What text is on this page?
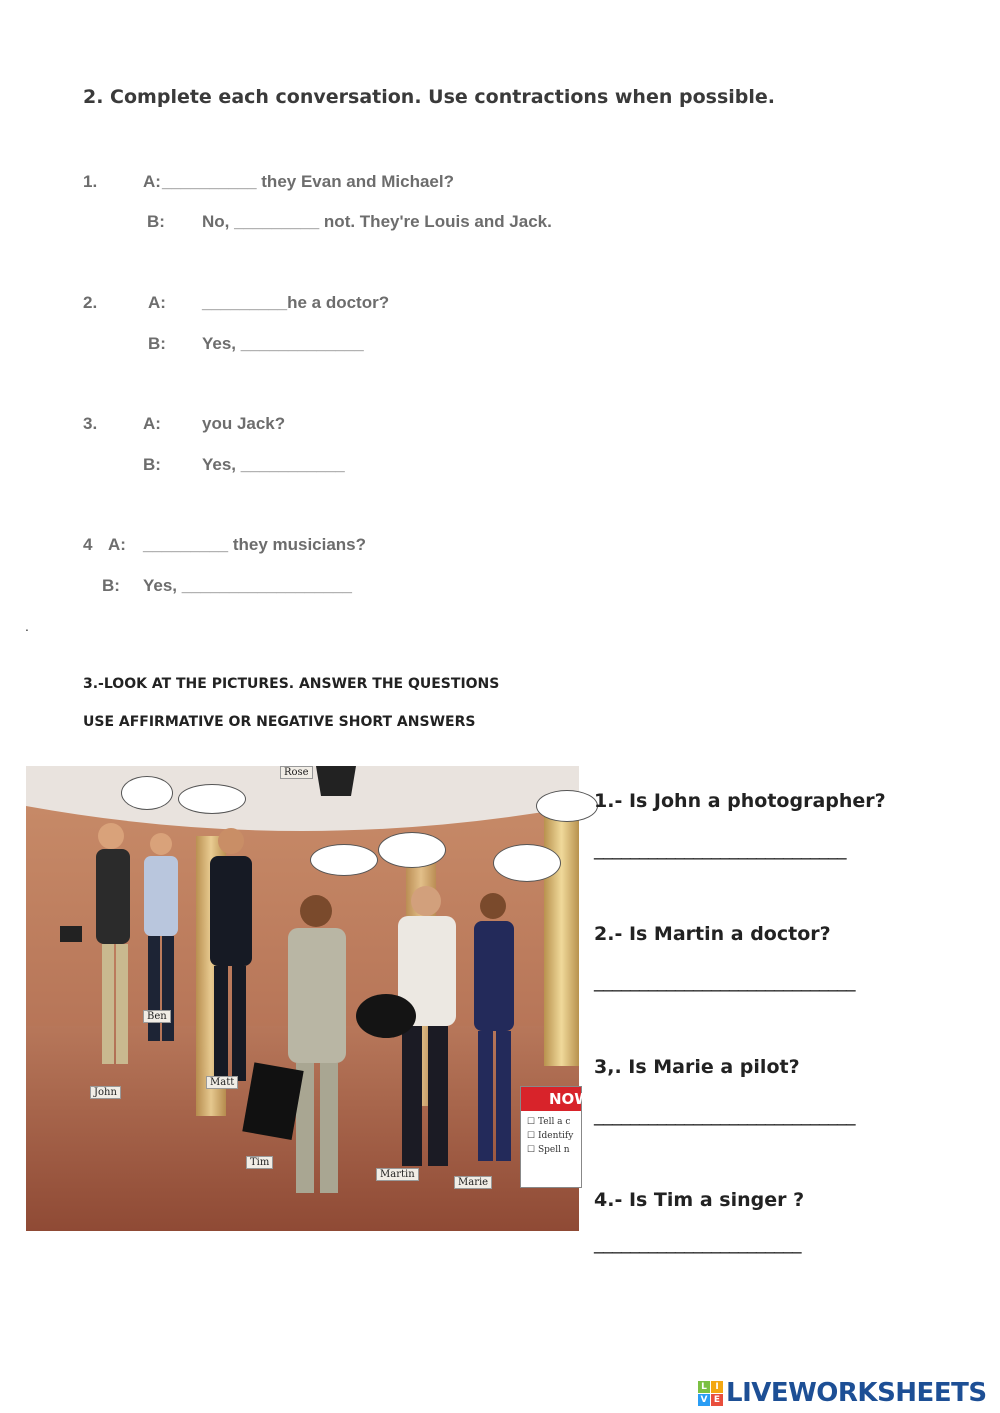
2. Complete each conversation. Use contractions when possible.
1.	A: __________ they Evan and Michael?
B: No, _________ not. They're Louis and Jack.
2.	A: _________he a doctor?
B: Yes, _____________
3.	A: you Jack?
B: Yes, ___________
4 A: _________ they musicians?
B: Yes, __________________
.
3.-LOOK AT THE PICTURES. ANSWER THE QUESTIONS
USE AFFIRMATIVE OR NEGATIVE SHORT ANSWERS
Rose
Ben
John
Matt
Tim
Martin
Marie
NOW
☐ Tell a c
☐ Identify
☐ Spell n
1.- Is John a photographer?
____________________________
2.- Is Martin a doctor?
_____________________________
3,. Is Marie a pilot?
_____________________________
4.- Is Tim a singer ?
_______________________
L I
V E LIVEWORKSHEETS
